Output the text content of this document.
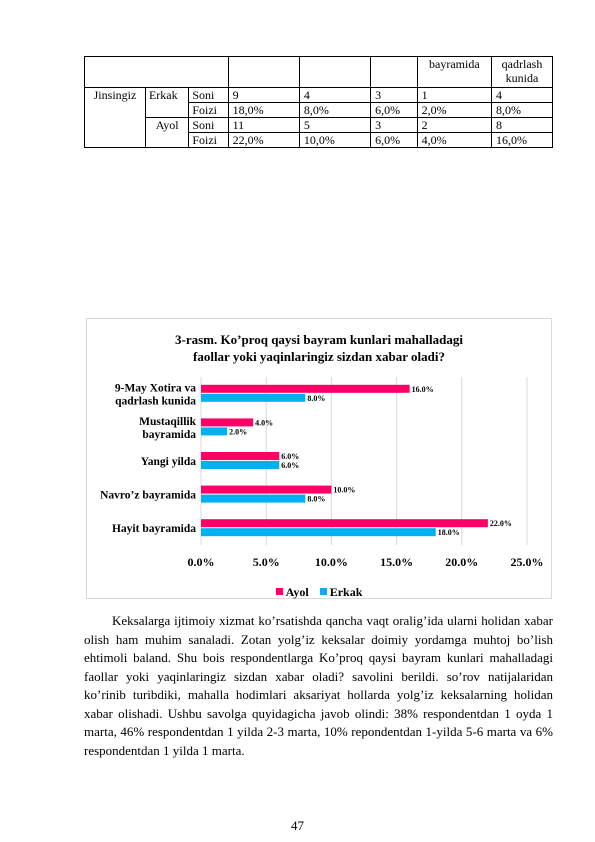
						bayramida	qadrlash kunida
Jinsingiz	Erkak	Soni	9	4	3	1	4
		Foizi	18,0%	8,0%	6,0%	2,0%	8,0%
	Ayol	Soni	11	5	3	2	8
		Foizi	22,0%	10,0%	6,0%	4,0%	16,0%
3-rasm. Ko’proq qaysi bayram kunlari mahalladagi
faollar yoki yaqinlaringiz sizdan xabar oladi?
0.0%	5.0%	10.0%	15.0%	20.0%	25.0%
9-May Xotira va
qadrlash kunida
16.0%
8.0%
Mustaqillik
bayramida
4.0%
2.0%
Yangi yilda	6.0%
6.0%
Navro’z bayramida	10.0%
8.0%
Hayit bayramida	22.0%
18.0%
Ayol Erkak

Keksalarga ijtimoiy xizmat ko’rsatishda qancha vaqt oralig’ida ularni holidan xabar olish ham muhim sanaladi. Zotan yolg’iz keksalar doimiy yordamga muhtoj bo’lish ehtimoli baland. Shu bois respondentlarga Ko’proq qaysi bayram kunlari mahalladagi faollar yoki yaqinlaringiz sizdan xabar oladi? savolini berildi. so’rov natijalaridan ko’rinib turibdiki, mahalla hodimlari aksariyat hollarda yolg’iz keksalarning holidan xabar olishadi. Ushbu savolga quyidagicha javob olindi: 38% respondentdan 1 oyda 1 marta, 46% respondentdan 1 yilda 2-3 marta, 10% repondentdan 1-yilda 5-6 marta va 6% respondentdan 1 yilda 1 marta.

47
